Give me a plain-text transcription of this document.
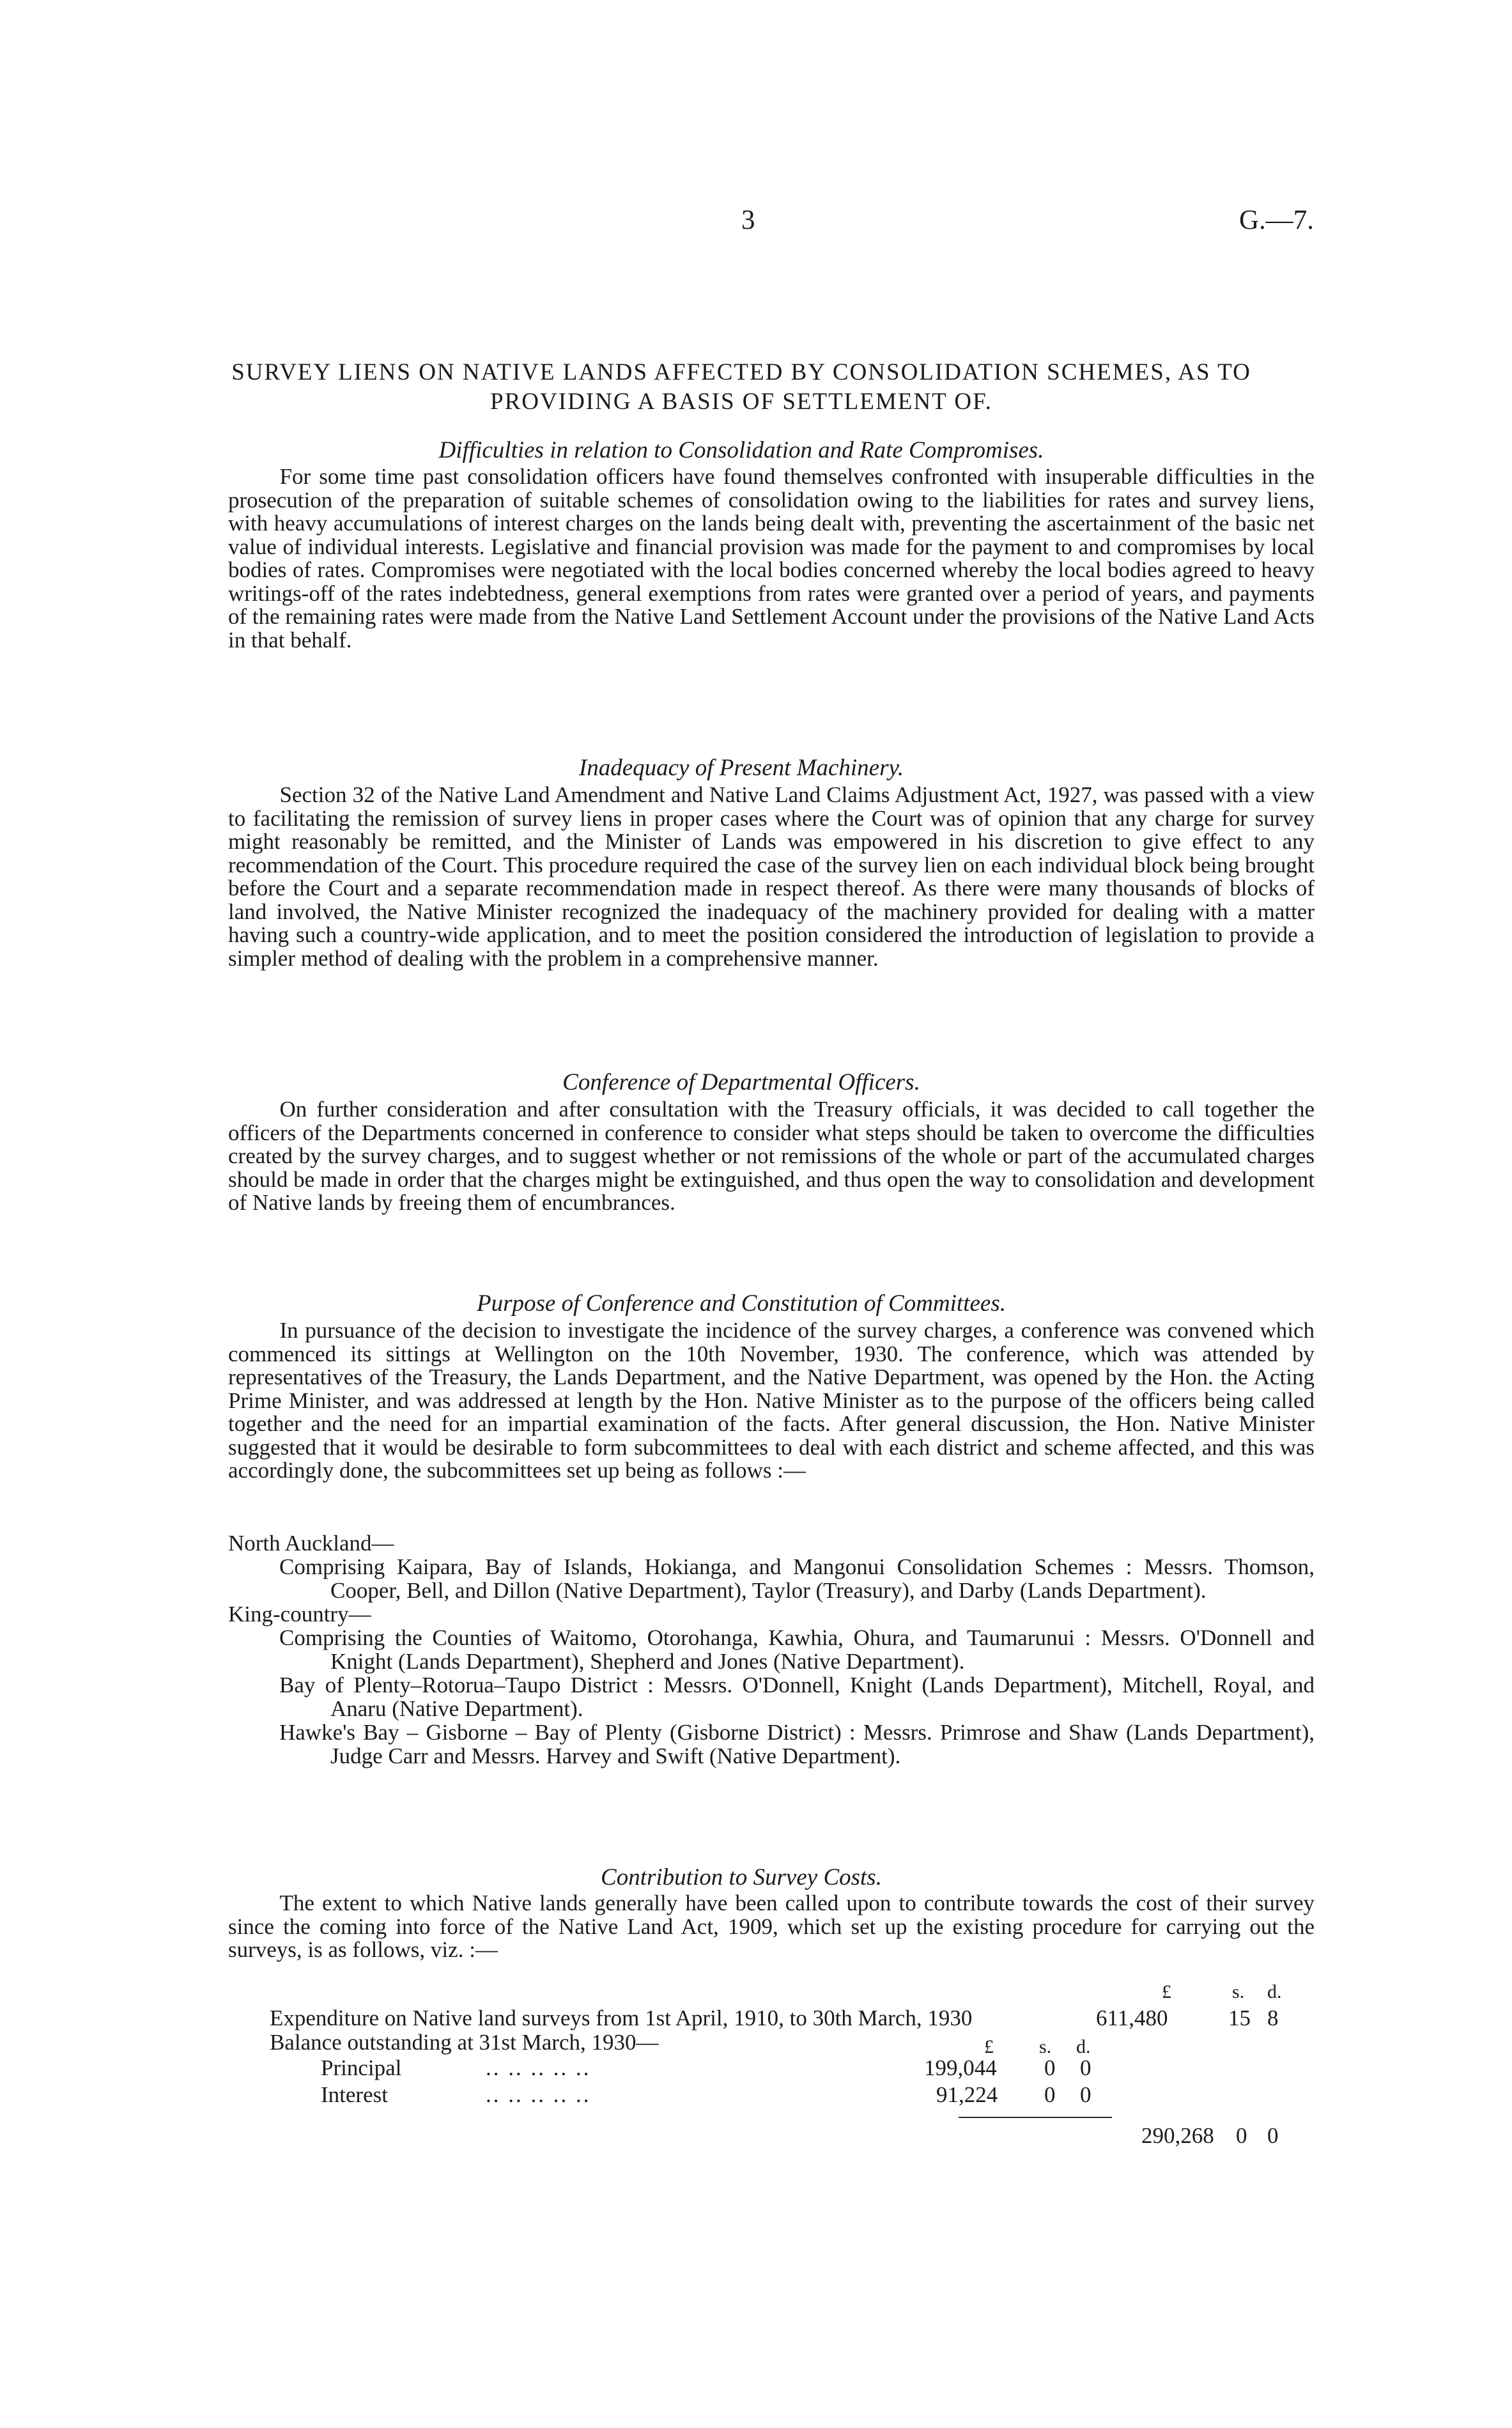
3	G.—7.
SURVEY LIENS ON NATIVE LANDS AFFECTED BY CONSOLIDATION SCHEMES, AS TO PROVIDING A BASIS OF SETTLEMENT OF.
Difficulties in relation to Consolidation and Rate Compromises.

For some time past consolidation officers have found themselves confronted with insuperable difficulties in the prosecution of the preparation of suitable schemes of consolidation owing to the liabilities for rates and survey liens, with heavy accumulations of interest charges on the lands being dealt with, preventing the ascertainment of the basic net value of individual interests. Legislative and financial provision was made for the payment to and compromises by local bodies of rates. Compromises were negotiated with the local bodies concerned whereby the local bodies agreed to heavy writings-off of the rates indebtedness, general exemptions from rates were granted over a period of years, and payments of the remaining rates were made from the Native Land Settlement Account under the provisions of the Native Land Acts in that behalf.

Inadequacy of Present Machinery.

Section 32 of the Native Land Amendment and Native Land Claims Adjustment Act, 1927, was passed with a view to facilitating the remission of survey liens in proper cases where the Court was of opinion that any charge for survey might reasonably be remitted, and the Minister of Lands was empowered in his discretion to give effect to any recommendation of the Court. This procedure required the case of the survey lien on each individual block being brought before the Court and a separate recommendation made in respect thereof. As there were many thousands of blocks of land involved, the Native Minister recognized the inadequacy of the machinery provided for dealing with a matter having such a country-wide application, and to meet the position considered the introduction of legislation to provide a simpler method of dealing with the problem in a comprehensive manner.

Conference of Departmental Officers.

On further consideration and after consultation with the Treasury officials, it was decided to call together the officers of the Departments concerned in conference to consider what steps should be taken to overcome the difficulties created by the survey charges, and to suggest whether or not remissions of the whole or part of the accumulated charges should be made in order that the charges might be extinguished, and thus open the way to consolidation and development of Native lands by freeing them of encumbrances.

Purpose of Conference and Constitution of Committees.

In pursuance of the decision to investigate the incidence of the survey charges, a conference was convened which commenced its sittings at Wellington on the 10th November, 1930. The conference, which was attended by representatives of the Treasury, the Lands Department, and the Native Department, was opened by the Hon. the Acting Prime Minister, and was addressed at length by the Hon. Native Minister as to the purpose of the officers being called together and the need for an impartial examination of the facts. After general discussion, the Hon. Native Minister suggested that it would be desirable to form subcommittees to deal with each district and scheme affected, and this was accordingly done, the subcommittees set up being as follows :—

North Auckland—

Comprising Kaipara, Bay of Islands, Hokianga, and Mangonui Consolidation Schemes : Messrs. Thomson, Cooper, Bell, and Dillon (Native Department), Taylor (Treasury), and Darby (Lands Department).

King-country—

Comprising the Counties of Waitomo, Otorohanga, Kawhia, Ohura, and Taumarunui : Messrs. O'Donnell and Knight (Lands Department), Shepherd and Jones (Native Department).

Bay of Plenty–Rotorua–Taupo District : Messrs. O'Donnell, Knight (Lands Department), Mitchell, Royal, and Anaru (Native Department).

Hawke's Bay – Gisborne – Bay of Plenty (Gisborne District) : Messrs. Primrose and Shaw (Lands Department), Judge Carr and Messrs. Harvey and Swift (Native Department).

Contribution to Survey Costs.

The extent to which Native lands generally have been called upon to contribute towards the cost of their survey since the coming into force of the Native Land Act, 1909, which set up the existing procedure for carrying out the surveys, is as follows, viz. :—

£	s. d.
Expenditure on Native land surveys from 1st April, 1910, to 30th March, 1930	611,480	15 8
Balance outstanding at 31st March, 1930—	£ s. d.
Principal	.. .. .. .. ..	199,044 0 0
Interest	.. .. .. .. ..	91,224 0 0
290,268 0 0
